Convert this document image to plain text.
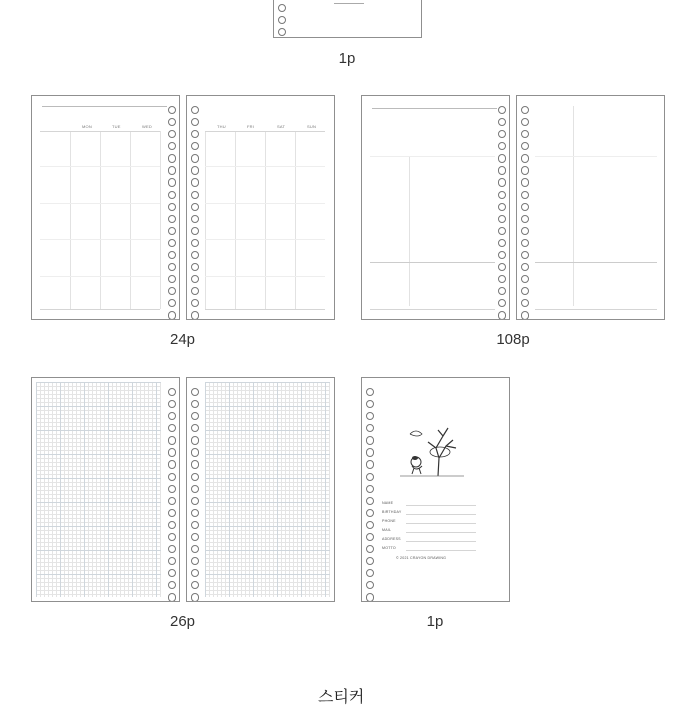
1p
MON	TUE	WED	THU	FRI	SAT	SUN
24p	108p
26p
NAME
BIRTHDAY
PHONE
MAIL
ADDRESS
MOTTO
© 2021 CRAYON DRAWING
1p
스티커
